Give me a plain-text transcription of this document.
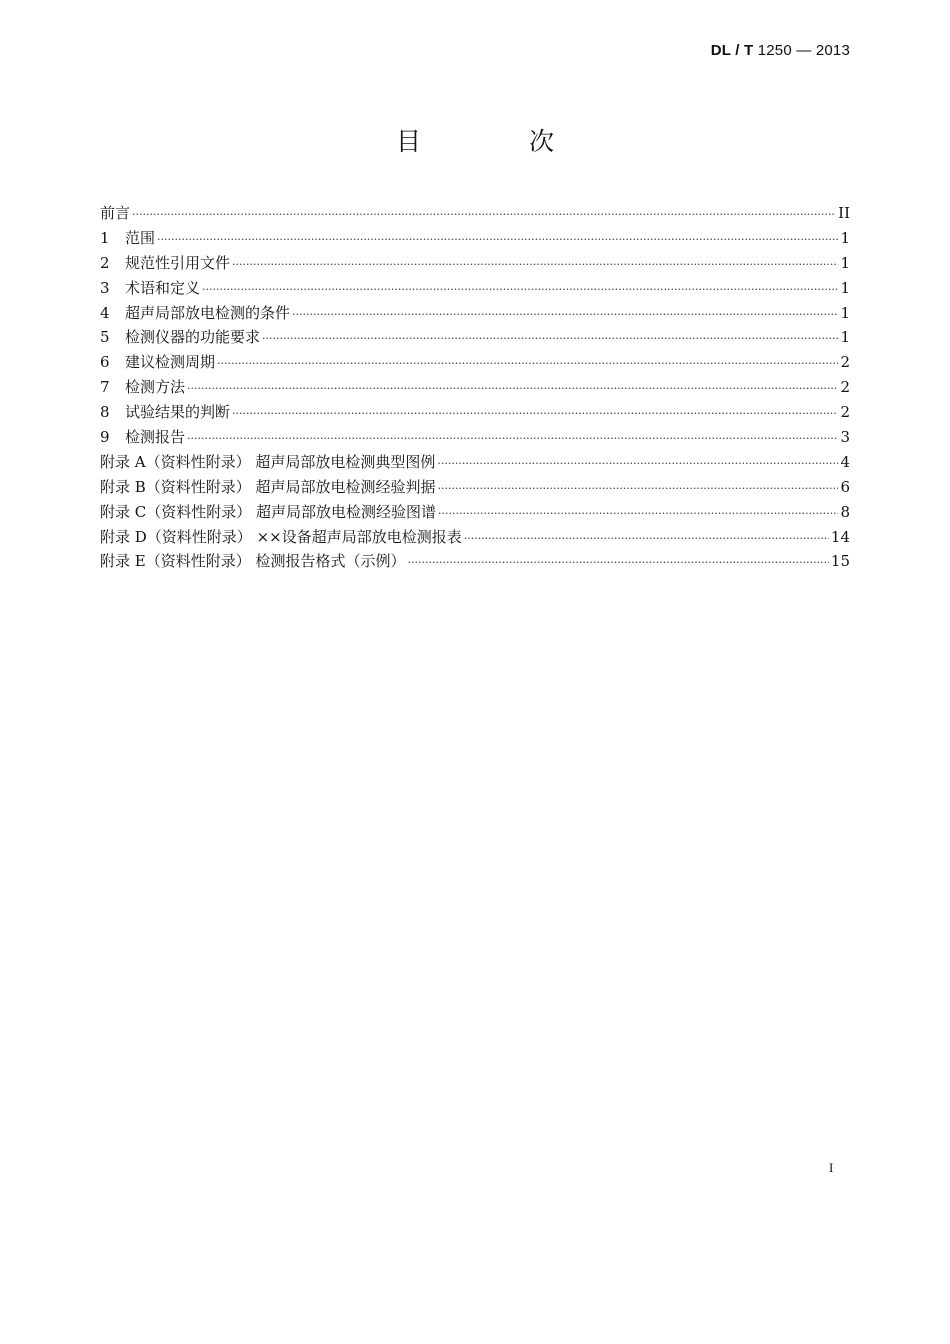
DL / T 1250 — 2013
目 次
前言 ·····	II
1	范围 ·····	1
2	规范性引用文件 ·····	1
3	术语和定义 ·····	1
4	超声局部放电检测的条件 ·····	1
5	检测仪器的功能要求 ·····	1
6	建议检测周期 ·····	2
7	检测方法 ·····	2
8	试验结果的判断 ·····	2
9	检测报告 ·····	3
附录 A（资料性附录） 超声局部放电检测典型图例 ·····	4
附录 B（资料性附录） 超声局部放电检测经验判据 ·····	6
附录 C（资料性附录） 超声局部放电检测经验图谱 ·····	8
附录 D（资料性附录） ××设备超声局部放电检测报表 ·····	14
附录 E（资料性附录） 检测报告格式（示例） ·····	15
I
